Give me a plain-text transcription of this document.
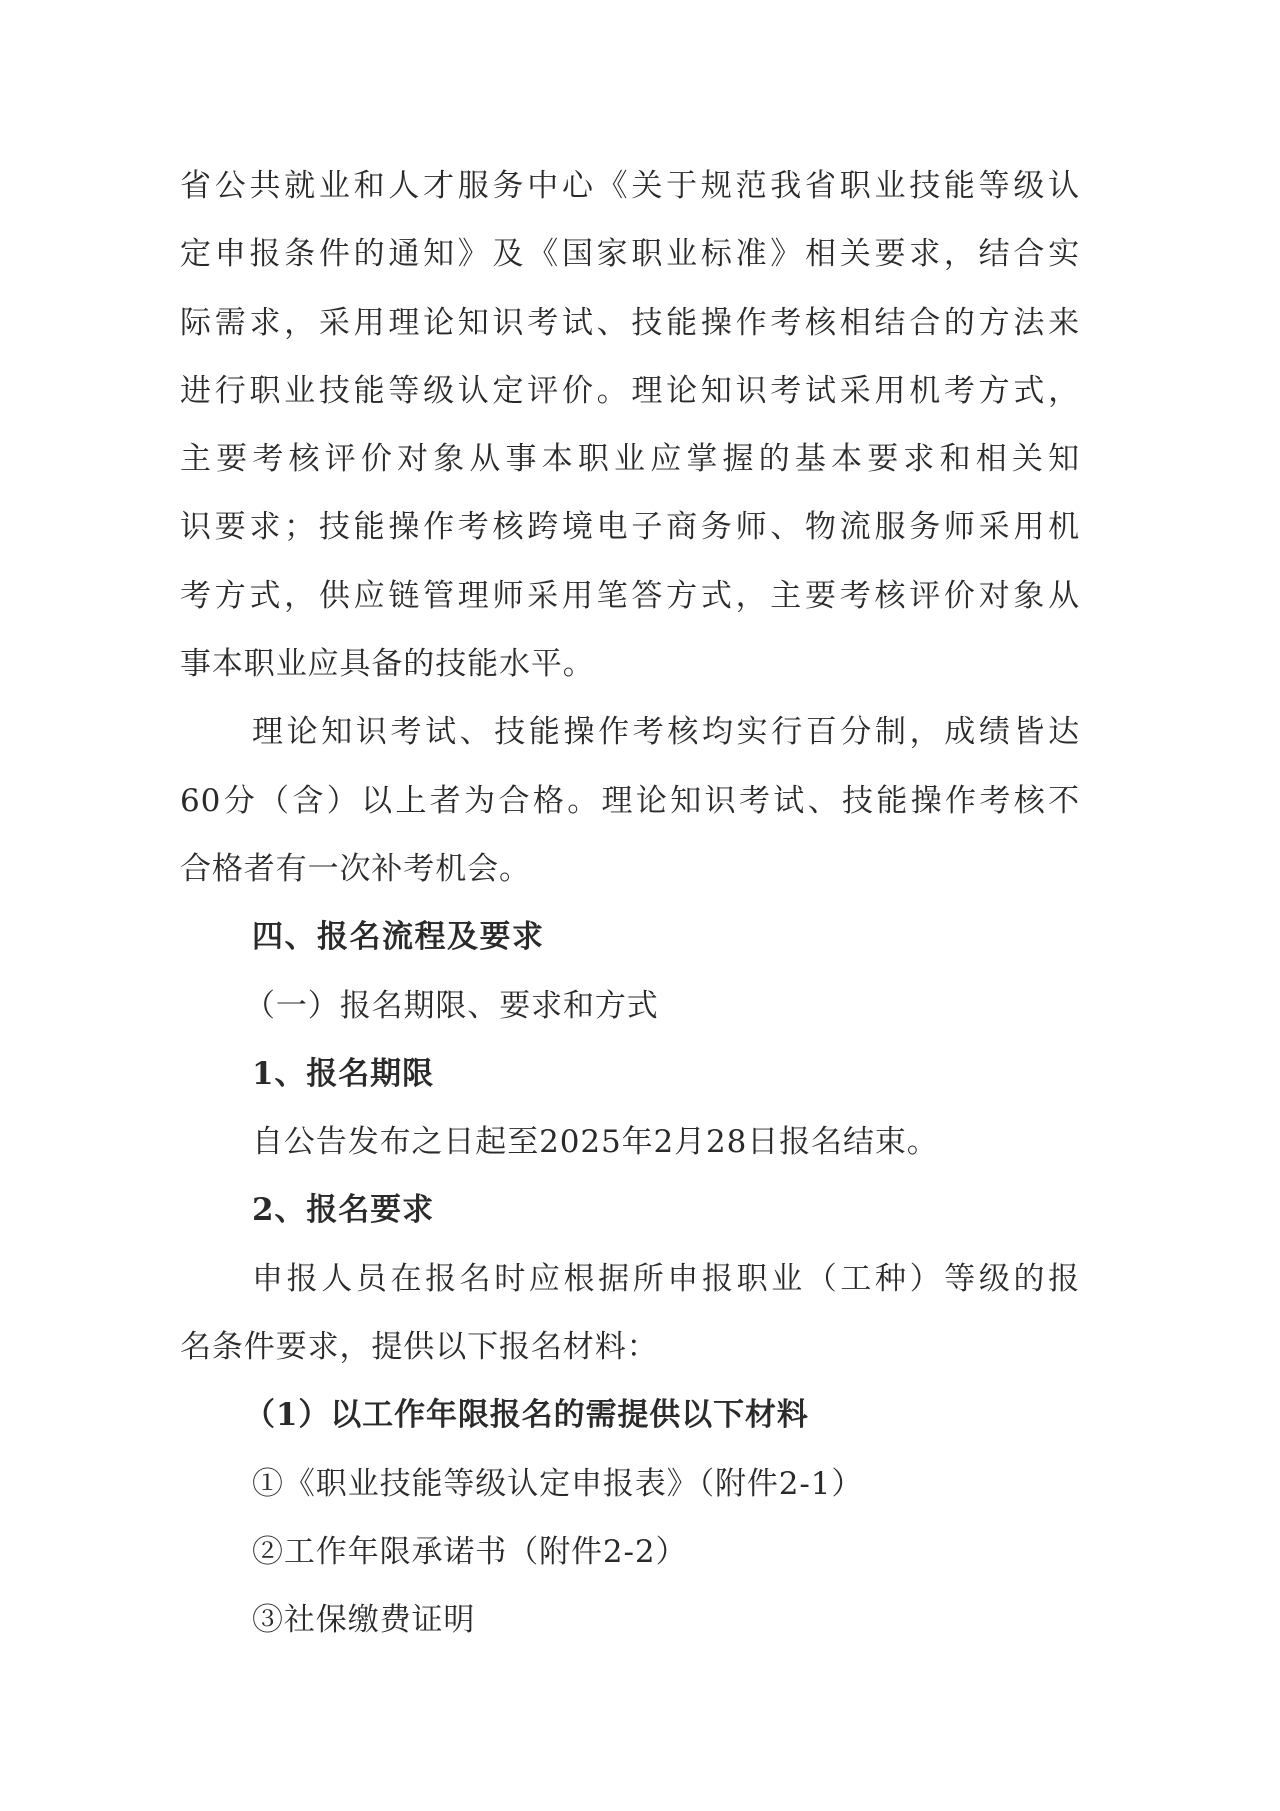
省公共就业和人才服务中心《关于规范我省职业技能等级认
定申报条件的通知》及《国家职业标准》相关要求，结合实
际需求，采用理论知识考试、技能操作考核相结合的方法来
进行职业技能等级认定评价。理论知识考试采用机考方式，
主要考核评价对象从事本职业应掌握的基本要求和相关知
识要求；技能操作考核跨境电子商务师、物流服务师采用机
考方式，供应链管理师采用笔答方式，主要考核评价对象从
事本职业应具备的技能水平。
理论知识考试、技能操作考核均实行百分制，成绩皆达
60分（含）以上者为合格。理论知识考试、技能操作考核不
合格者有一次补考机会。
四、报名流程及要求
（一）报名期限、要求和方式
1、报名期限
自公告发布之日起至2025年2月28日报名结束。
2、报名要求
申报人员在报名时应根据所申报职业（工种）等级的报
名条件要求，提供以下报名材料：
（1）以工作年限报名的需提供以下材料
①《职业技能等级认定申报表》（附件2-1）
②工作年限承诺书（附件2-2）
③社保缴费证明
